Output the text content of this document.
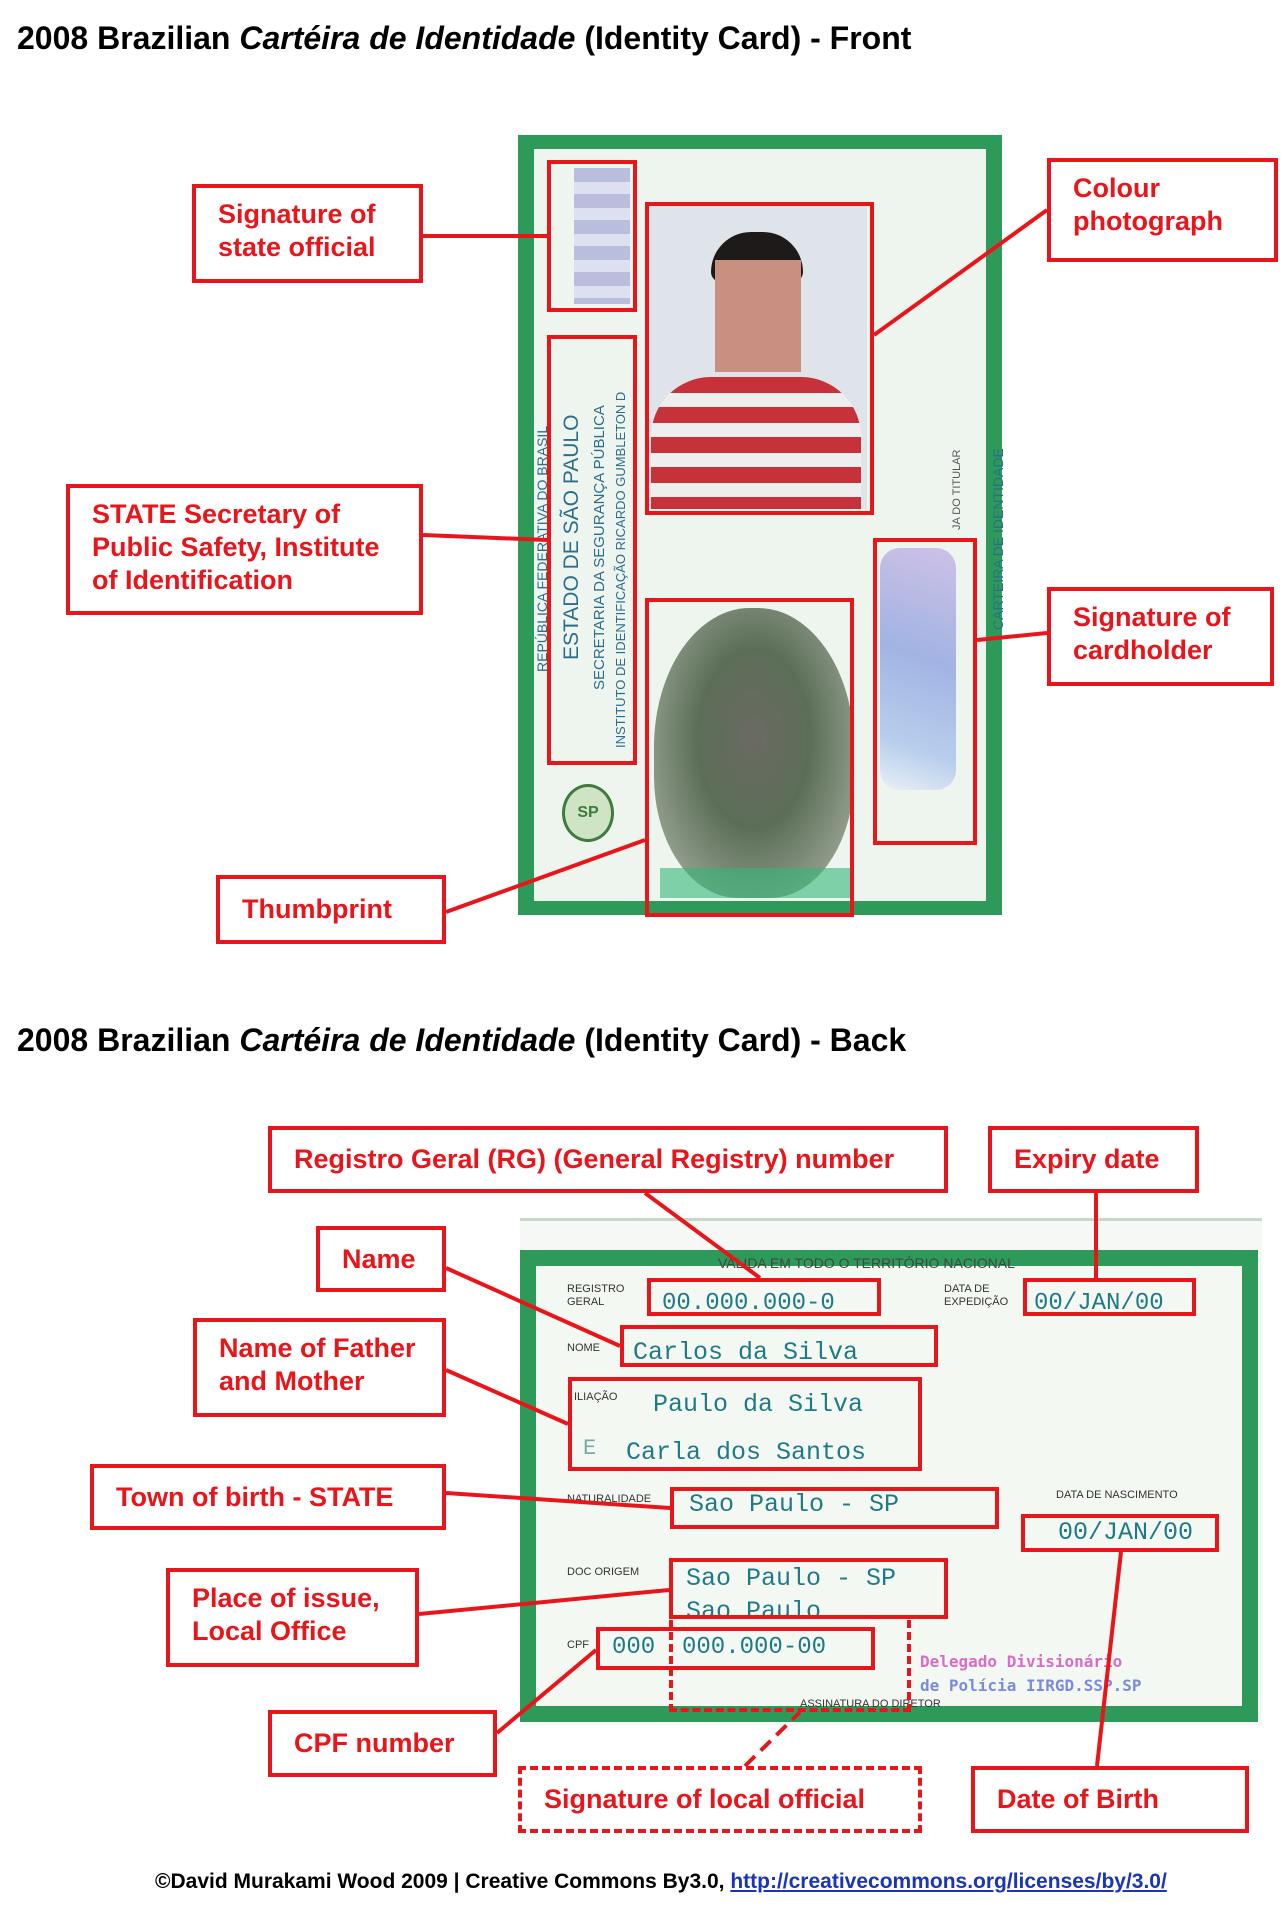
2008 Brazilian Cartéira de Identidade (Identity Card) - Front
SP
REPÚBLICA FEDERATIVA DO BRASIL ESTADO DE SÃO PAULO SECRETARIA DA SEGURANÇA PÚBLICA INSTITUTO DE IDENTIFICAÇÃO RICARDO GUMBLETON D	CARTEIRA DE IDENTIDADE
JA DO TITULAR
Signature of state official
Colour photograph
STATE Secretary of Public Safety, Institute of Identification
Signature of cardholder
Thumbprint
2008 Brazilian Cartéira de Identidade (Identity Card) - Back
VALIDA EM TODO O TERRITÓRIO NACIONAL
REGISTRO GERAL
DATA DE EXPEDIÇÃO
NOME
ILIAÇÃO
NATURALIDADE	DATA DE NASCIMENTO
DOC ORIGEM
CPF
ASSINATURA DO DIRETOR
Delegado Divisionário
de Polícia IIRGD.SSP.SP
00.000.000-0	00/JAN/00
Carlos da Silva
Paulo da Silva
E Carla dos Santos
Sao Paulo - SP
00/JAN/00
Sao Paulo - SP
Sao Paulo
000 000.000-00
Registro Geral (RG) (General Registry) number	Expiry date
Name
Name of Father and Mother
Town of birth - STATE
Place of issue, Local Office
CPF number
Signature of local official	Date of Birth
©David Murakami Wood 2009 | Creative Commons By3.0, http://creativecommons.org/licenses/by/3.0/
